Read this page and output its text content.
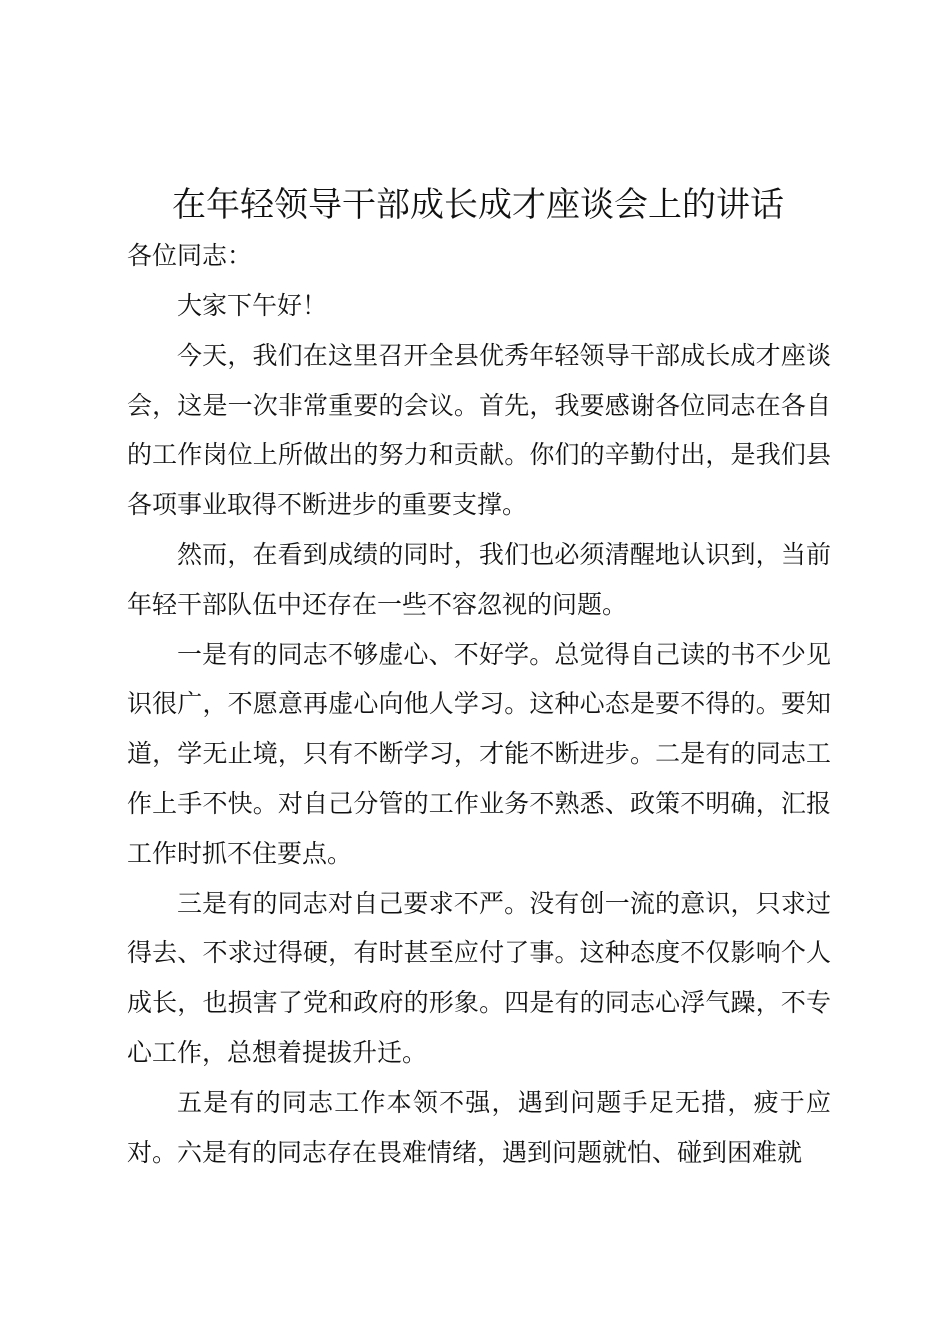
在年轻领导干部成长成才座谈会上的讲话
各位同志：

大家下午好！

今天，我们在这里召开全县优秀年轻领导干部成长成才座谈会，这是一次非常重要的会议。首先，我要感谢各位同志在各自的工作岗位上所做出的努力和贡献。你们的辛勤付出，是我们县各项事业取得不断进步的重要支撑。

然而，在看到成绩的同时，我们也必须清醒地认识到，当前年轻干部队伍中还存在一些不容忽视的问题。

一是有的同志不够虚心、不好学。总觉得自己读的书不少见识很广，不愿意再虚心向他人学习。这种心态是要不得的。要知道，学无止境，只有不断学习，才能不断进步。二是有的同志工作上手不快。对自己分管的工作业务不熟悉、政策不明确，汇报工作时抓不住要点。

三是有的同志对自己要求不严。没有创一流的意识，只求过得去、不求过得硬，有时甚至应付了事。这种态度不仅影响个人成长，也损害了党和政府的形象。四是有的同志心浮气躁，不专心工作，总想着提拔升迁。

五是有的同志工作本领不强，遇到问题手足无措，疲于应对。六是有的同志存在畏难情绪，遇到问题就怕、碰到困难就
